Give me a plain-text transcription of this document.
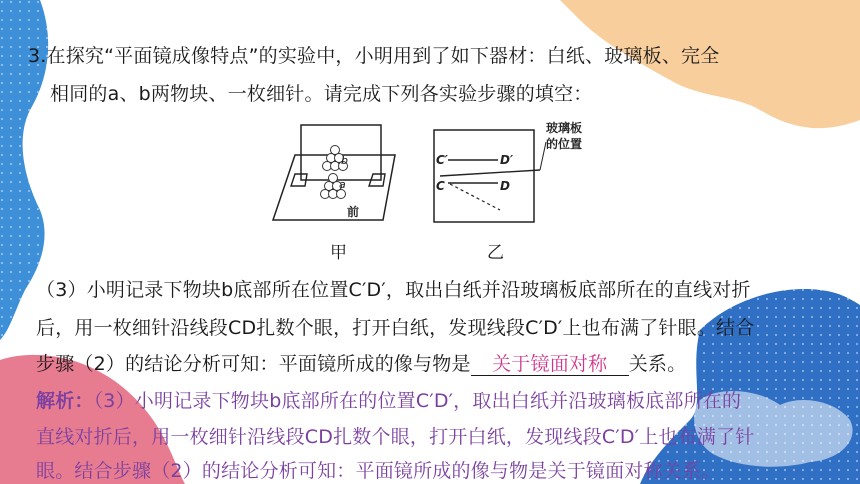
3.在探究“平面镜成像特点”的实验中，小明用到了如下器材：白纸、玻璃板、完全
相同的a、b两物块、一枚细针。请完成下列各实验步骤的填空：
b
a
前
甲
C′	D′
C	D
玻璃板
的位置
乙
（3）小明记录下物块b底部所在位置C′D′，取出白纸并沿玻璃板底部所在的直线对折
后，用一枚细针沿线段CD扎数个眼，打开白纸，发现线段C′D′上也布满了针眼。结合
步骤（2）的结论分析可知：平面镜所成的像与物是 关于镜面对称 关系。
解析：（3）小明记录下物块b底部所在的位置C′D′，取出白纸并沿玻璃板底部所在的
直线对折后，用一枚细针沿线段CD扎数个眼，打开白纸，发现线段C′D′上也布满了针
眼。结合步骤（2）的结论分析可知：平面镜所成的像与物是关于镜面对称关系。
